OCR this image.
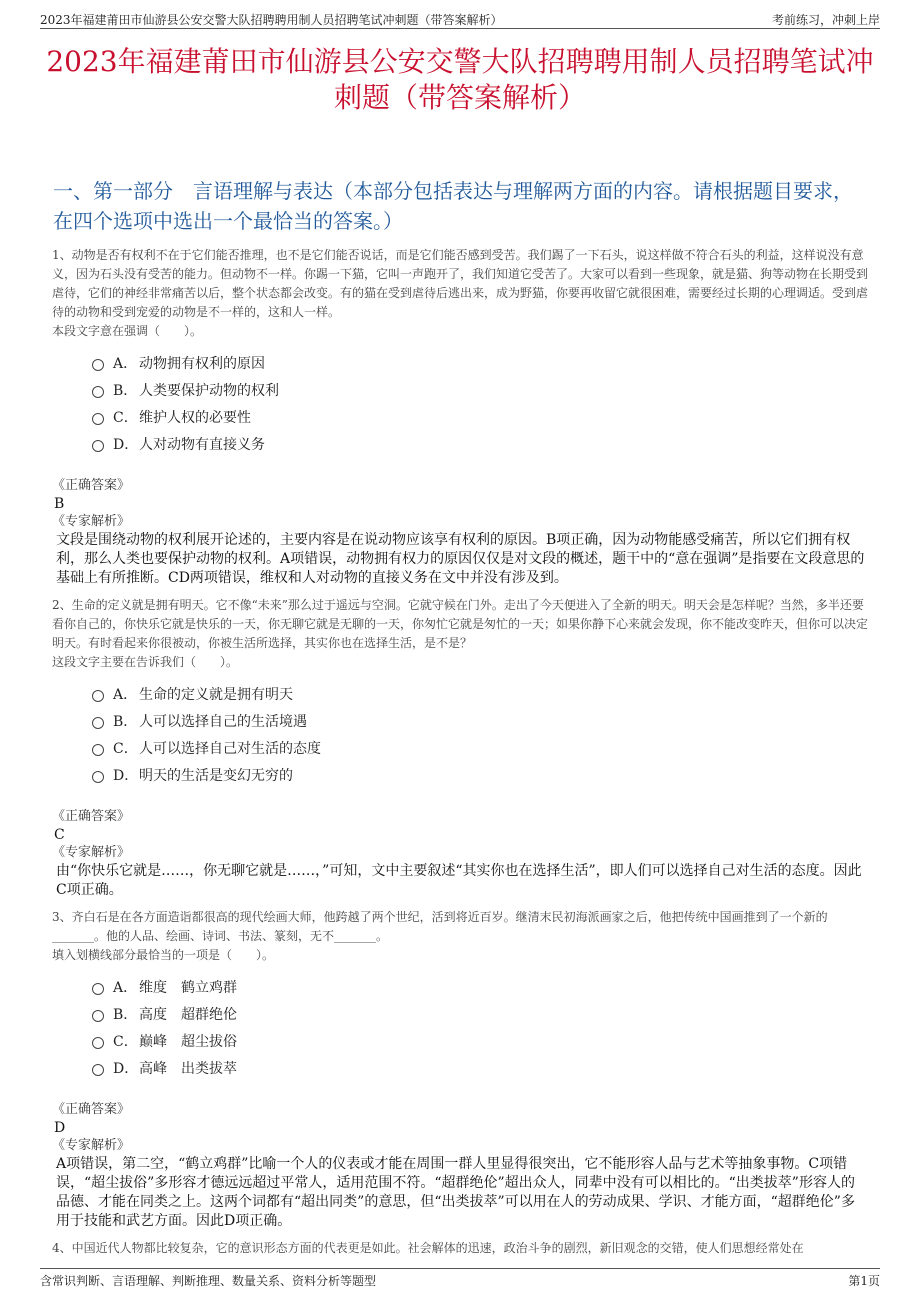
2023年福建莆田市仙游县公安交警大队招聘聘用制人员招聘笔试冲刺题（带答案解析）	考前练习，冲刺上岸
2023年福建莆田市仙游县公安交警大队招聘聘用制人员招聘笔试冲刺题（带答案解析）
一、第一部分　言语理解与表达（本部分包括表达与理解两方面的内容。请根据题目要求，在四个选项中选出一个最恰当的答案。）
1、动物是否有权利不在于它们能否推理，也不是它们能否说话，而是它们能否感到受苦。我们踢了一下石头，说这样做不符合石头的利益，这样说没有意义，因为石头没有受苦的能力。但动物不一样。你踢一下猫，它叫一声跑开了，我们知道它受苦了。大家可以看到一些现象，就是猫、狗等动物在长期受到虐待，它们的神经非常痛苦以后，整个状态都会改变。有的猫在受到虐待后逃出来，成为野猫，你要再收留它就很困难，需要经过长期的心理调适。受到虐待的动物和受到宠爱的动物是不一样的，这和人一样。
本段文字意在强调（　　）。
A． 动物拥有权利的原因
B． 人类要保护动物的权利
C． 维护人权的必要性
D． 人对动物有直接义务
《正确答案》
B
《专家解析》
文段是围绕动物的权利展开论述的，主要内容是在说动物应该享有权利的原因。B项正确，因为动物能感受痛苦，所以它们拥有权利，那么人类也要保护动物的权利。A项错误，动物拥有权力的原因仅仅是对文段的概述，题干中的“意在强调”是指要在文段意思的基础上有所推断。CD两项错误，维权和人对动物的直接义务在文中并没有涉及到。
2、生命的定义就是拥有明天。它不像“未来”那么过于遥远与空洞。它就守候在门外。走出了今天便进入了全新的明天。明天会是怎样呢？当然，多半还要看你自己的，你快乐它就是快乐的一天，你无聊它就是无聊的一天，你匆忙它就是匆忙的一天；如果你静下心来就会发现，你不能改变昨天，但你可以决定明天。有时看起来你很被动，你被生活所选择，其实你也在选择生活，是不是？
这段文字主要在告诉我们（　　）。
A． 生命的定义就是拥有明天
B． 人可以选择自己的生活境遇
C． 人可以选择自己对生活的态度
D． 明天的生活是变幻无穷的
《正确答案》
C
《专家解析》
由“你快乐它就是……，你无聊它就是……，”可知，文中主要叙述“其实你也在选择生活”，即人们可以选择自己对生活的态度。因此C项正确。
3、齐白石是在各方面造诣都很高的现代绘画大师，他跨越了两个世纪，活到将近百岁。继清末民初海派画家之后，他把传统中国画推到了一个新的_______。他的人品、绘画、诗词、书法、篆刻，无不_______。
填入划横线部分最恰当的一项是（　　）。
A． 维度　鹤立鸡群
B． 高度　超群绝伦
C． 巅峰　超尘拔俗
D． 高峰　出类拔萃
《正确答案》
D
《专家解析》
A项错误，第二空，“鹤立鸡群”比喻一个人的仪表或才能在周围一群人里显得很突出，它不能形容人品与艺术等抽象事物。C项错误，“超尘拔俗”多形容才德远远超过平常人，适用范围不符。“超群绝伦”超出众人，同辈中没有可以相比的。“出类拔萃”形容人的品德、才能在同类之上。这两个词都有“超出同类”的意思，但“出类拔萃”可以用在人的劳动成果、学识、才能方面，“超群绝伦”多用于技能和武艺方面。因此D项正确。
4、中国近代人物都比较复杂，它的意识形态方面的代表更是如此。社会解体的迅速，政治斗争的剧烈，新旧观念的交错，使人们思想经常处在
含常识判断、言语理解、判断推理、数量关系、资料分析等题型	第1页
